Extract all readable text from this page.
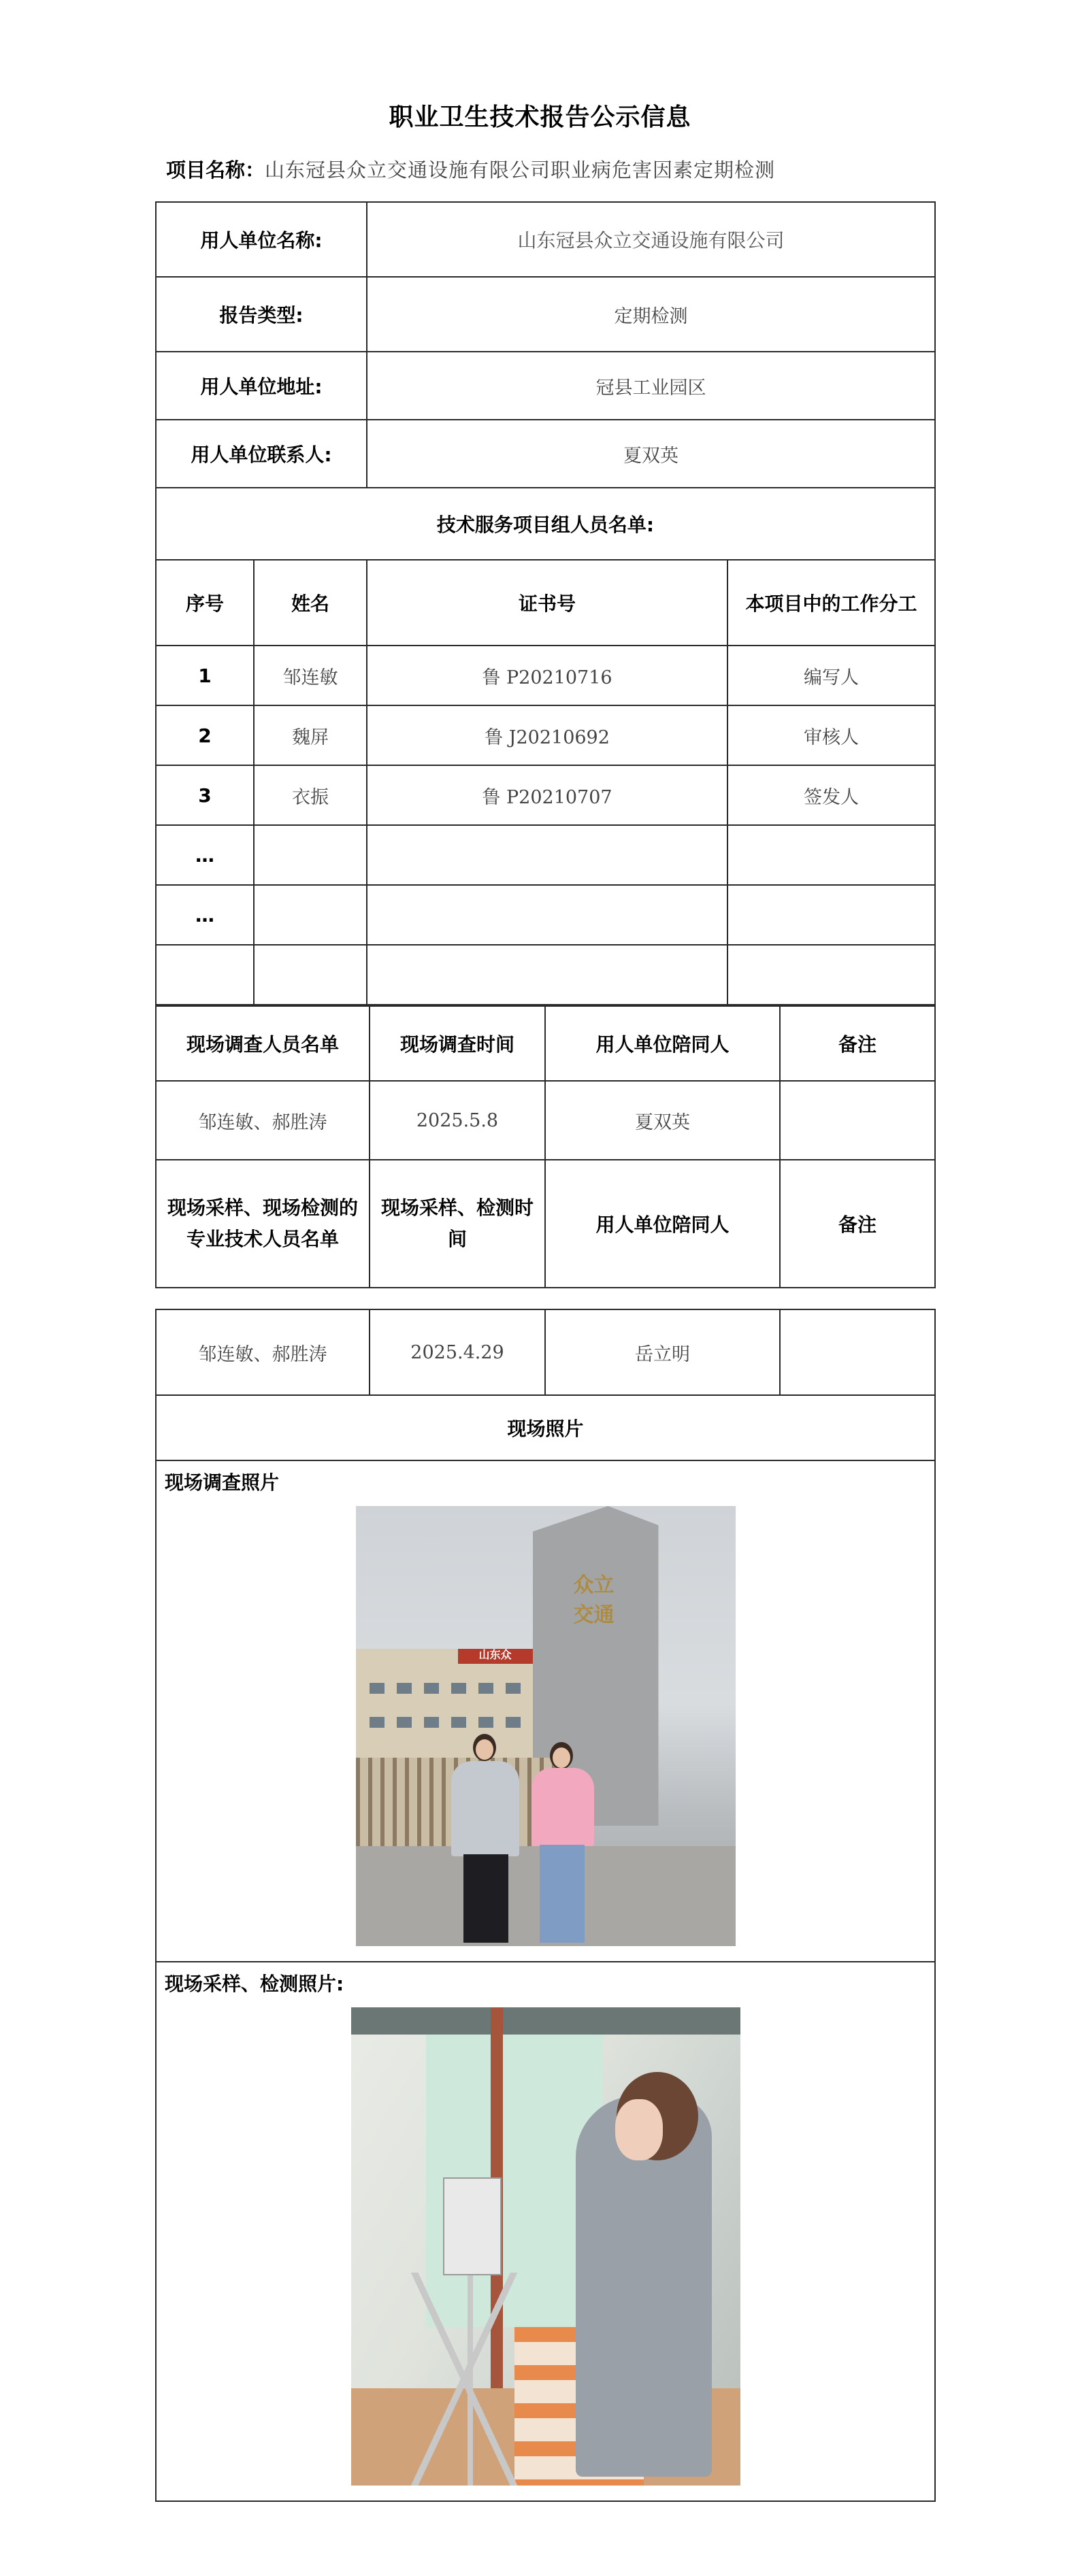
职业卫生技术报告公示信息
项目名称：山东冠县众立交通设施有限公司职业病危害因素定期检测
用人单位名称:		山东冠县众立交通设施有限公司	
报告类型:		定期检测	
用人单位地址:		冠县工业园区	
用人单位联系人:		夏双英	
技术服务项目组人员名单:			
序号	姓名	证书号	本项目中的工作分工
1	邹连敏	鲁 P20210716	编写人
2	魏屏	鲁 J20210692	审核人
3	衣振	鲁 P20210707	签发人
…			
…			

现场调查人员名单	现场调查时间	用人单位陪同人	备注
邹连敏、郝胜涛	2025.5.8	夏双英	
现场采样、现场检测的专业技术人员名单	现场采样、检测时间	用人单位陪同人	备注
邹连敏、郝胜涛	2025.4.29	岳立明	
现场照片

现场调查照片
山东众
众立
交通

现场采样、检测照片:
